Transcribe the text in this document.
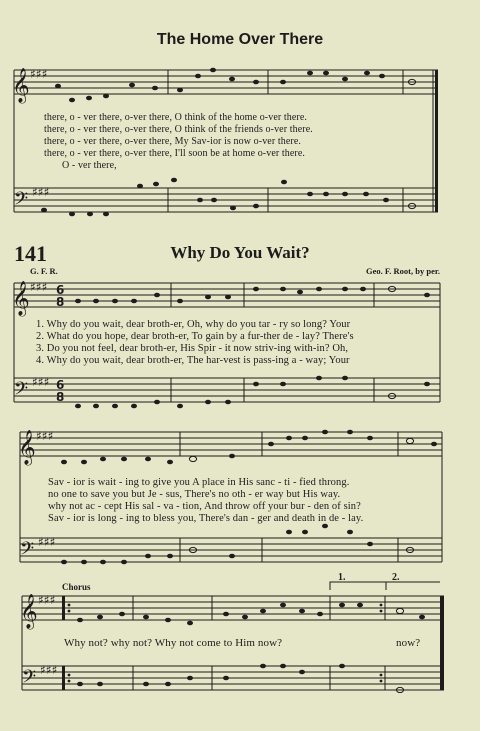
The Home Over There
𝄞
𝄢
𝄞
𝄢
𝄞
𝄢
𝄞
𝄢
♯♯♯
♯♯♯
♯♯♯
♯♯♯
♯♯♯
♯♯♯
♯♯♯
♯♯♯
6
8
6
8
there, o - ver there, o-ver there, O think of the home o-ver there.
there, o - ver there, o-ver there, O think of the friends o-ver there.
there, o - ver there, o-ver there, My Sav-ior is now o-ver there.
there, o - ver there, o-ver there, I'll soon be at home o-ver there.
O - ver there,
141	Why Do You Wait?
G. F. R.	Geo. F. Root, by per.
1. Why do you wait, dear broth-er, Oh, why do you tar - ry so long? Your
2. What do you hope, dear broth-er, To gain by a fur-ther de - lay? There's
3. Do you not feel, dear broth-er, His Spir - it now striv-ing with-in? Oh,
4. Why do you wait, dear broth-er, The har-vest is pass-ing a - way; Your
Sav - ior is wait - ing to give you A place in His sanc - ti - fied throng.
no one to save you but Je - sus, There's no oth - er way but His way.
why not ac - cept His sal - va - tion, And throw off your bur - den of sin?
Sav - ior is long - ing to bless you, There's dan - ger and death in de - lay.
Chorus
1.	2.
Why not? why not? Why not come to Him now?	now?
